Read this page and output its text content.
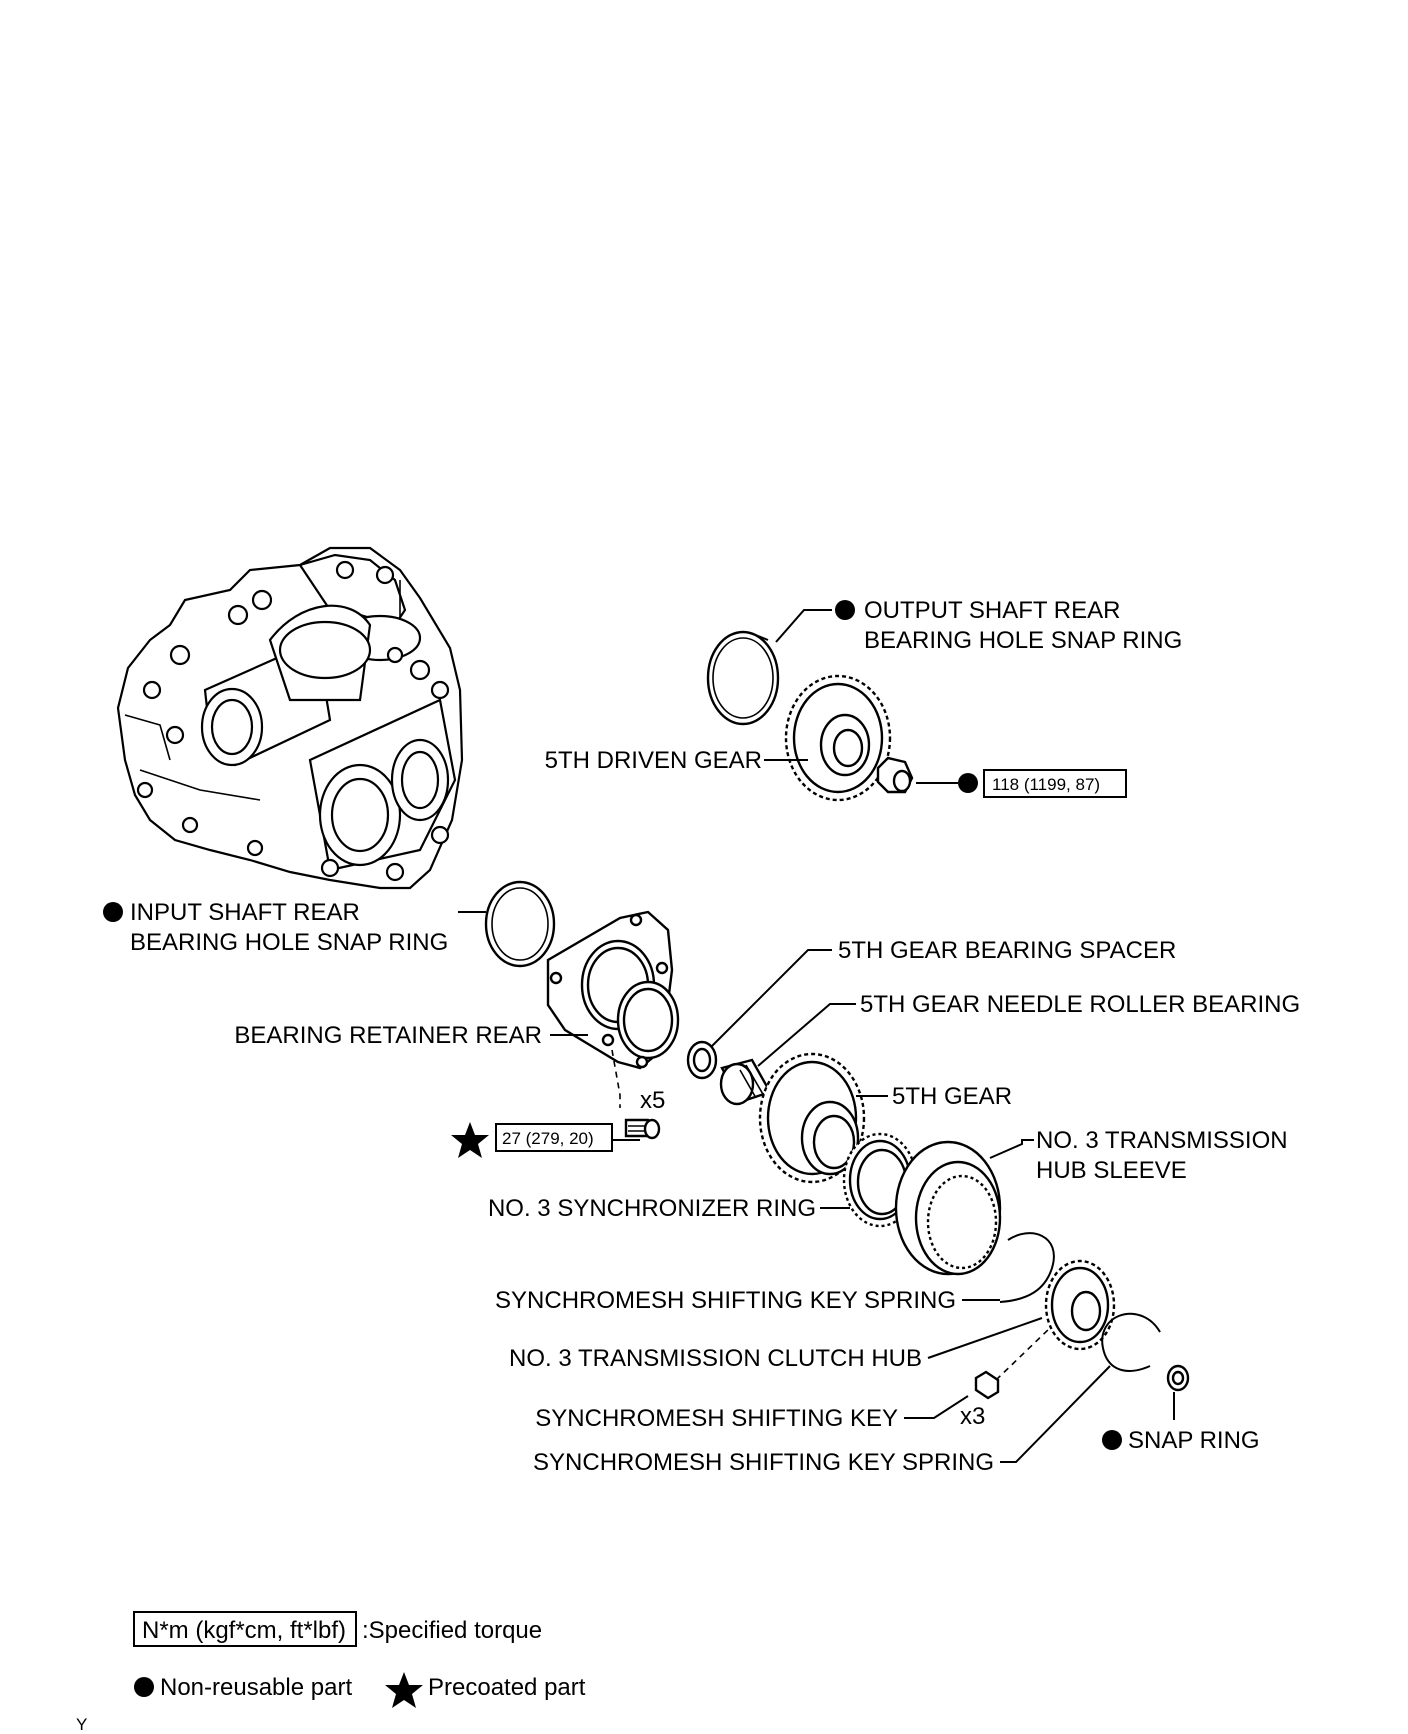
OUTPUT SHAFT REAR
BEARING HOLE SNAP RING
5TH DRIVEN GEAR
118 (1199, 87)
INPUT SHAFT REAR
BEARING HOLE SNAP RING
BEARING RETAINER REAR
x5
27 (279, 20)
5TH GEAR BEARING SPACER
5TH GEAR NEEDLE ROLLER BEARING
5TH GEAR
NO. 3 SYNCHRONIZER RING
NO. 3 TRANSMISSION
HUB SLEEVE
SYNCHROMESH SHIFTING KEY SPRING
NO. 3 TRANSMISSION CLUTCH HUB
SNAP RING
x3
SYNCHROMESH SHIFTING KEY
SYNCHROMESH SHIFTING KEY SPRING
N*m (kgf*cm, ft*lbf) :Specified torque
Non-reusable part	Precoated part
Y
